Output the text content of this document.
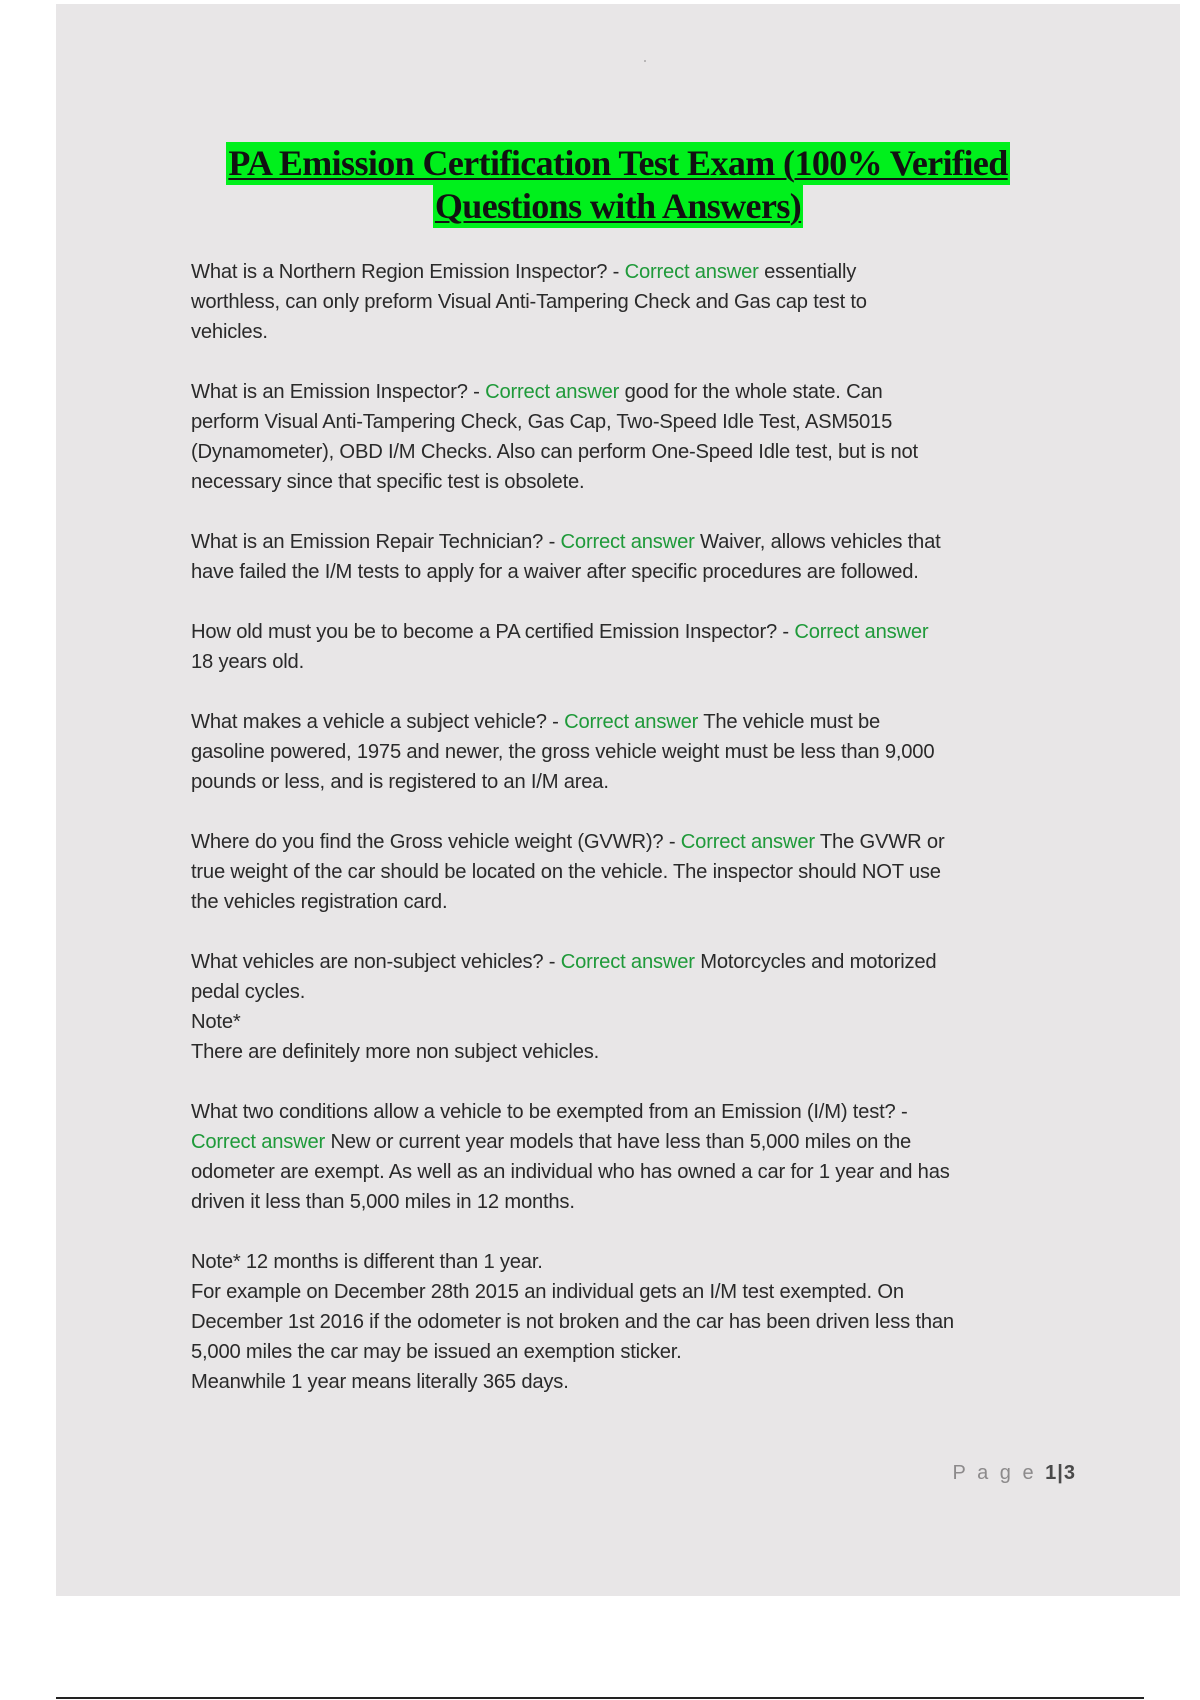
PA Emission Certification Test Exam (100% Verified
Questions with Answers)
What is a Northern Region Emission Inspector? - Correct answer essentially
worthless, can only preform Visual Anti-Tampering Check and Gas cap test to
vehicles.
What is an Emission Inspector? - Correct answer good for the whole state. Can
perform Visual Anti-Tampering Check, Gas Cap, Two-Speed Idle Test, ASM5015
(Dynamometer), OBD I/M Checks. Also can perform One-Speed Idle test, but is not
necessary since that specific test is obsolete.
What is an Emission Repair Technician? - Correct answer Waiver, allows vehicles that
have failed the I/M tests to apply for a waiver after specific procedures are followed.
How old must you be to become a PA certified Emission Inspector? - Correct answer
18 years old.
What makes a vehicle a subject vehicle? - Correct answer The vehicle must be
gasoline powered, 1975 and newer, the gross vehicle weight must be less than 9,000
pounds or less, and is registered to an I/M area.
Where do you find the Gross vehicle weight (GVWR)? - Correct answer The GVWR or
true weight of the car should be located on the vehicle. The inspector should NOT use
the vehicles registration card.
What vehicles are non-subject vehicles? - Correct answer Motorcycles and motorized
pedal cycles.
Note*
There are definitely more non subject vehicles.
What two conditions allow a vehicle to be exempted from an Emission (I/M) test? -
Correct answer New or current year models that have less than 5,000 miles on the
odometer are exempt. As well as an individual who has owned a car for 1 year and has
driven it less than 5,000 miles in 12 months.
Note* 12 months is different than 1 year.
For example on December 28th 2015 an individual gets an I/M test exempted. On
December 1st 2016 if the odometer is not broken and the car has been driven less than
5,000 miles the car may be issued an exemption sticker.
Meanwhile 1 year means literally 365 days.
P a g e 1|3
